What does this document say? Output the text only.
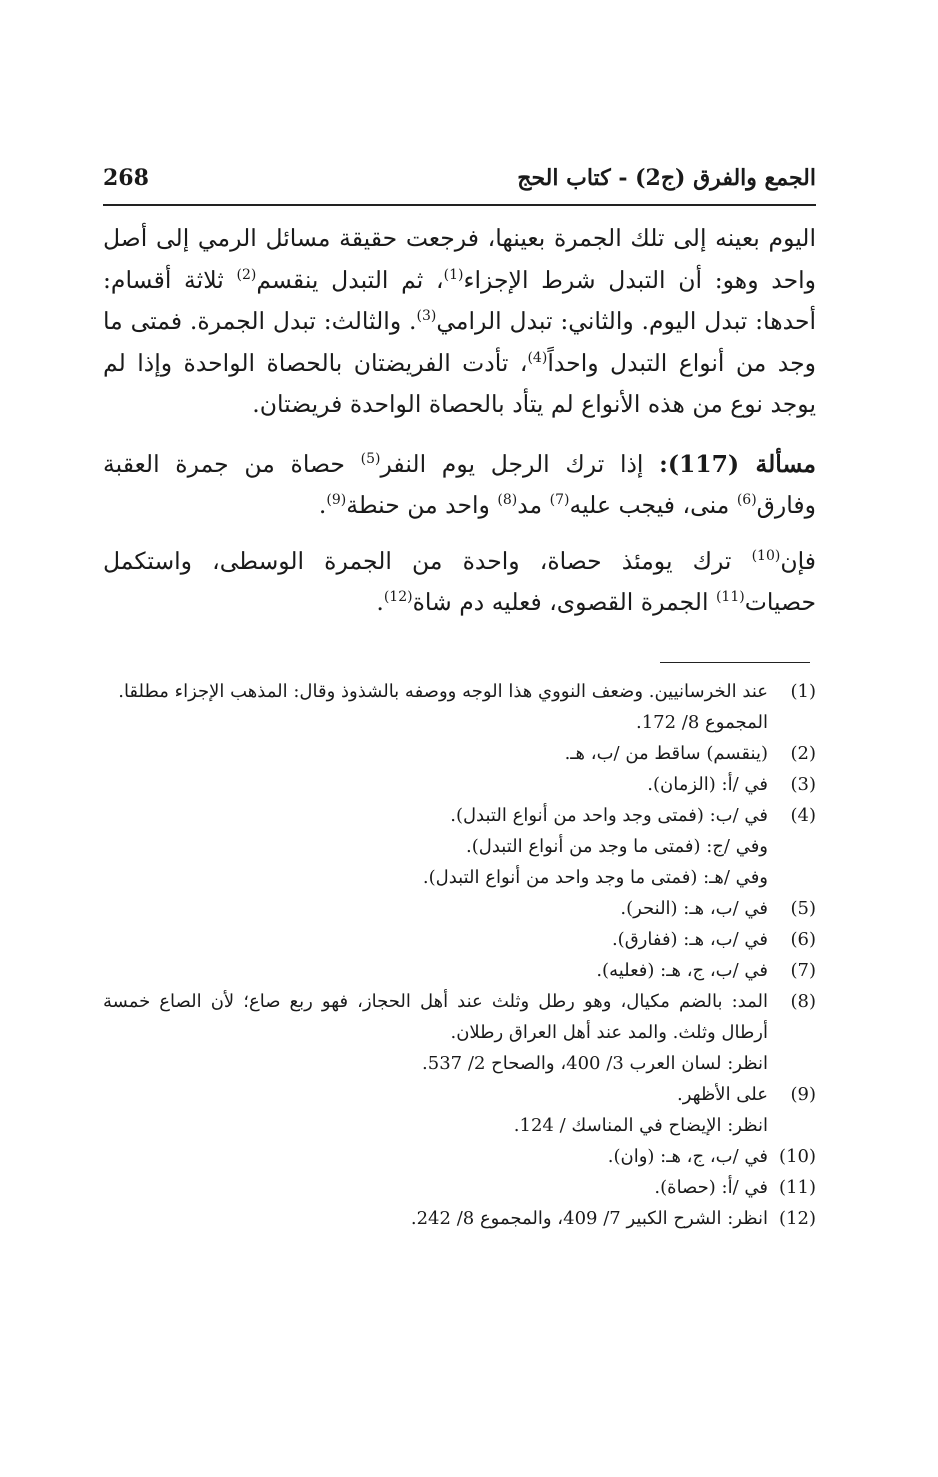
الجمع والفرق (ج2) - كتاب الحج
268

اليوم بعينه إلى تلك الجمرة بعينها، فرجعت حقيقة مسائل الرمي إلى أصل واحد وهو: أن التبدل شرط الإجزاء$^{(1)}$، ثم التبدل ينقسم$^{(2)}$ ثلاثة أقسام: أحدها: تبدل اليوم. والثاني: تبدل الرامي$^{(3)}$. والثالث: تبدل الجمرة. فمتى ما وجد من أنواع التبدل واحداً$^{(4)}$، تأدت الفريضتان بالحصاة الواحدة وإذا لم يوجد نوع من هذه الأنواع لم يتأد بالحصاة الواحدة فريضتان.

مسألة (117): إذا ترك الرجل يوم النفر$^{(5)}$ حصاة من جمرة العقبة وفارق$^{(6)}$ منى، فيجب عليه$^{(7)}$ مد$^{(8)}$ واحد من حنطة$^{(9)}$.

فإن$^{(10)}$ ترك يومئذ حصاة، واحدة من الجمرة الوسطى، واستكمل حصيات$^{(11)}$ الجمرة القصوى، فعليه دم شاة$^{(12)}$.

(1)
عند الخرسانيين. وضعف النووي هذا الوجه ووصفه بالشذوذ وقال: المذهب الإجزاء مطلقا.
المجموع 8/ 172.
(2)
(ينقسم) ساقط من /ب، هـ.
(3)
في /أ: (الزمان).
(4)
في /ب: (فمتى وجد واحد من أنواع التبدل).
وفي /ج: (فمتى ما وجد من أنواع التبدل).
وفي /هـ: (فمتى ما وجد واحد من أنواع التبدل).
(5)
في /ب، هـ: (النحر).
(6)
في /ب، هـ: (ففارق).
(7)
في /ب، ج، هـ: (فعليه).
(8)
المد: بالضم مكيال، وهو رطل وثلث عند أهل الحجاز، فهو ربع صاع؛ لأن الصاع خمسة أرطال وثلث. والمد عند أهل العراق رطلان.
انظر: لسان العرب 3/ 400، والصحاح 2/ 537.
(9)
على الأظهر.
انظر: الإيضاح في المناسك / 124.
(10)
في /ب، ج، هـ: (وان).
(11)
في /أ: (حصاة).
(12)
انظر: الشرح الكبير 7/ 409، والمجموع 8/ 242.
